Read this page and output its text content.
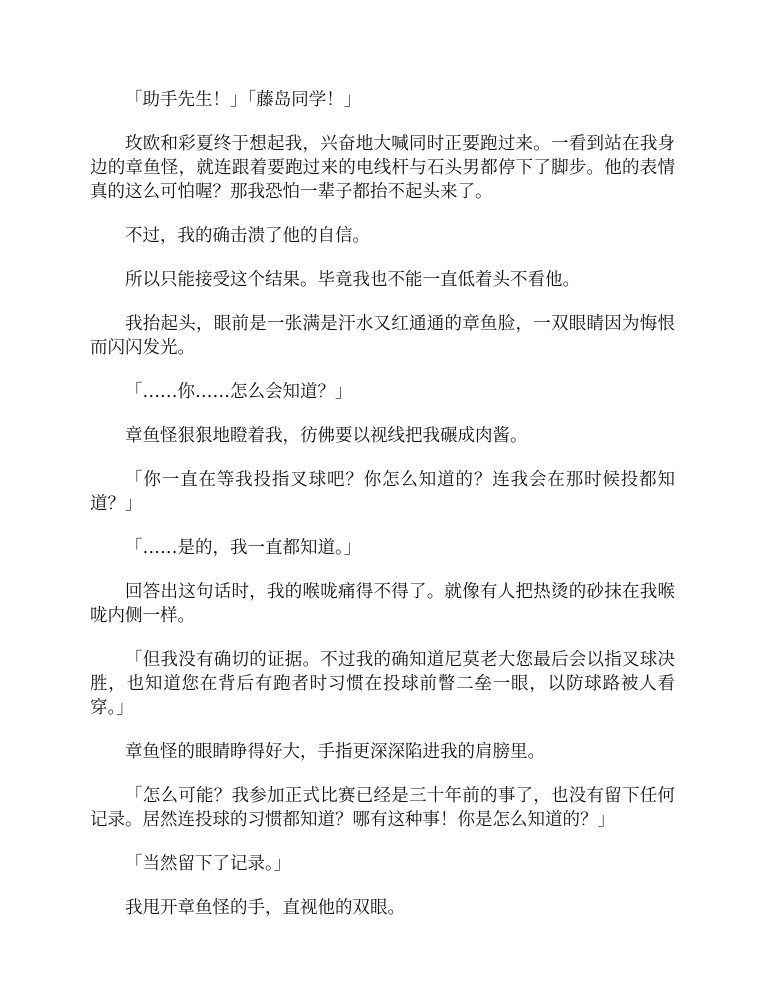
「助手先生！」「藤岛同学！」

玫欧和彩夏终于想起我，兴奋地大喊同时正要跑过来。一看到站在我身边的章鱼怪，就连跟着要跑过来的电线杆与石头男都停下了脚步。他的表情真的这么可怕喔？那我恐怕一辈子都抬不起头来了。

不过，我的确击溃了他的自信。

所以只能接受这个结果。毕竟我也不能一直低着头不看他。

我抬起头，眼前是一张满是汗水又红通通的章鱼脸，一双眼睛因为悔恨而闪闪发光。

「……你……怎么会知道？」

章鱼怪狠狠地瞪着我，彷佛要以视线把我碾成肉酱。

「你一直在等我投指叉球吧？你怎么知道的？连我会在那时候投都知道？」

「……是的，我一直都知道。」

回答出这句话时，我的喉咙痛得不得了。就像有人把热烫的砂抹在我喉咙内侧一样。

「但我没有确切的证据。不过我的确知道尼莫老大您最后会以指叉球决胜，也知道您在背后有跑者时习惯在投球前瞥二垒一眼，以防球路被人看穿。」

章鱼怪的眼睛睁得好大，手指更深深陷进我的肩膀里。

「怎么可能？我参加正式比赛已经是三十年前的事了，也没有留下任何记录。居然连投球的习惯都知道？哪有这种事！你是怎么知道的？」

「当然留下了记录。」

我甩开章鱼怪的手，直视他的双眼。
